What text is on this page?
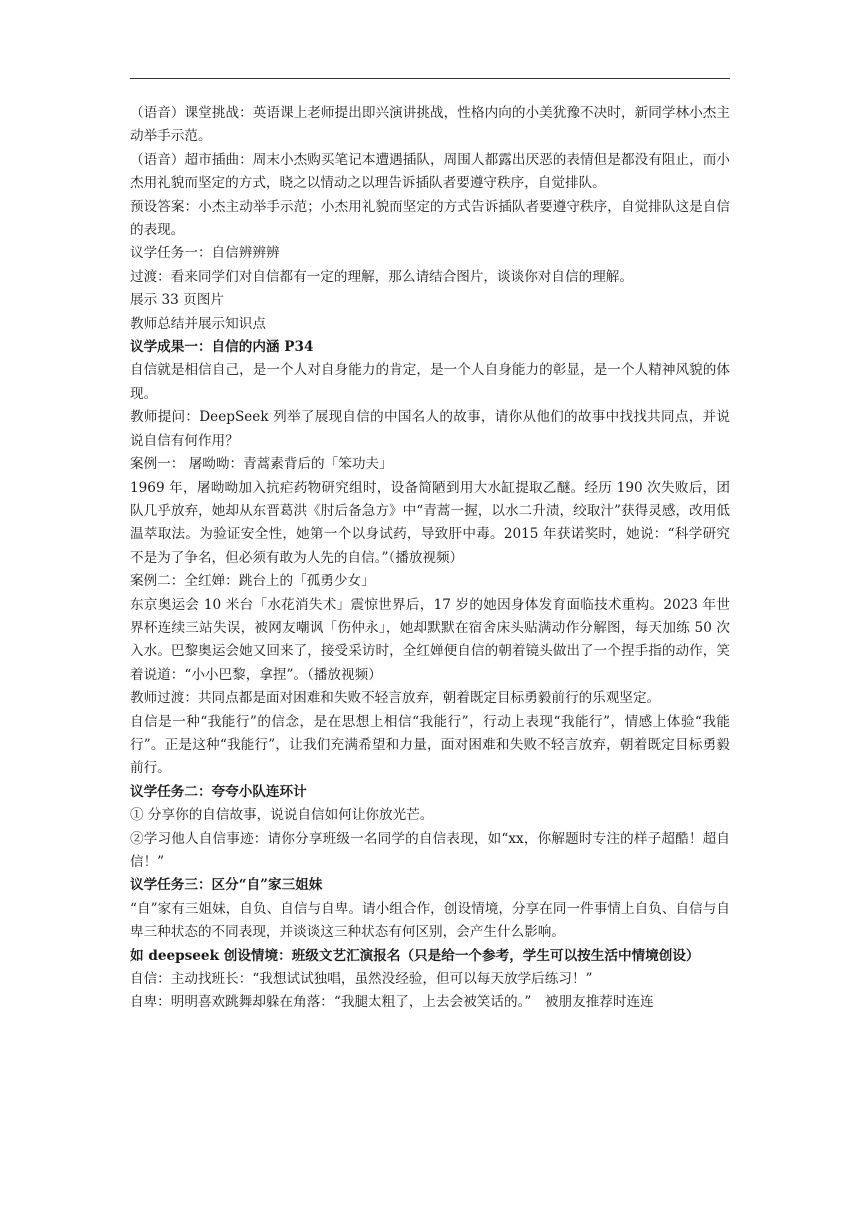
（语音）课堂挑战：英语课上老师提出即兴演讲挑战，性格内向的小美犹豫不决时，新同学林小杰主动举手示范。

（语音）超市插曲：周末小杰购买笔记本遭遇插队，周围人都露出厌恶的表情但是都没有阻止，而小杰用礼貌而坚定的方式，晓之以情动之以理告诉插队者要遵守秩序，自觉排队。

预设答案：小杰主动举手示范；小杰用礼貌而坚定的方式告诉插队者要遵守秩序，自觉排队这是自信的表现。

议学任务一：自信辨辨辨

过渡：看来同学们对自信都有一定的理解，那么请结合图片，谈谈你对自信的理解。

展示 33 页图片

教师总结并展示知识点

议学成果一：自信的内涵 P34

自信就是相信自己，是一个人对自身能力的肯定，是一个人自身能力的彰显，是一个人精神风貌的体现。

教师提问：DeepSeek 列举了展现自信的中国名人的故事，请你从他们的故事中找找共同点，并说说自信有何作用？

案例一： 屠呦呦：青蒿素背后的「笨功夫」

1969 年，屠呦呦加入抗疟药物研究组时，设备简陋到用大水缸提取乙醚。经历 190 次失败后，团队几乎放弃，她却从东晋葛洪《肘后备急方》中“青蒿一握，以水二升渍，绞取汁”获得灵感，改用低温萃取法。为验证安全性，她第一个以身试药，导致肝中毒。2015 年获诺奖时，她说：“科学研究不是为了争名，但必须有敢为人先的自信。”（播放视频）

案例二：全红婵：跳台上的「孤勇少女」

东京奥运会 10 米台「水花消失术」震惊世界后，17 岁的她因身体发育面临技术重构。2023 年世界杯连续三站失误，被网友嘲讽「伤仲永」，她却默默在宿舍床头贴满动作分解图，每天加练 50 次入水。巴黎奥运会她又回来了，接受采访时，全红婵便自信的朝着镜头做出了一个捏手指的动作，笑着说道：“小小巴黎，拿捏”。（播放视频）

教师过渡：共同点都是面对困难和失败不轻言放弃，朝着既定目标勇毅前行的乐观坚定。

自信是一种“我能行”的信念，是在思想上相信“我能行”，行动上表现“我能行”，情感上体验“我能行”。正是这种“我能行”，让我们充满希望和力量，面对困难和失败不轻言放弃，朝着既定目标勇毅前行。

议学任务二：夸夸小队连环计

① 分享你的自信故事，说说自信如何让你放光芒。

②学习他人自信事迹：请你分享班级一名同学的自信表现，如“xx，你解题时专注的样子超酷！超自信！”

议学任务三：区分“自”家三姐妹

“自”家有三姐妹，自负、自信与自卑。请小组合作，创设情境，分享在同一件事情上自负、自信与自卑三种状态的不同表现，并谈谈这三种状态有何区别，会产生什么影响。

如 deepseek 创设情境：班级文艺汇演报名（只是给一个参考，学生可以按生活中情境创设）

自信：主动找班长：“我想试试独唱，虽然没经验，但可以每天放学后练习！”

自卑：明明喜欢跳舞却躲在角落：“我腿太粗了，上去会被笑话的。”　被朋友推荐时连连
